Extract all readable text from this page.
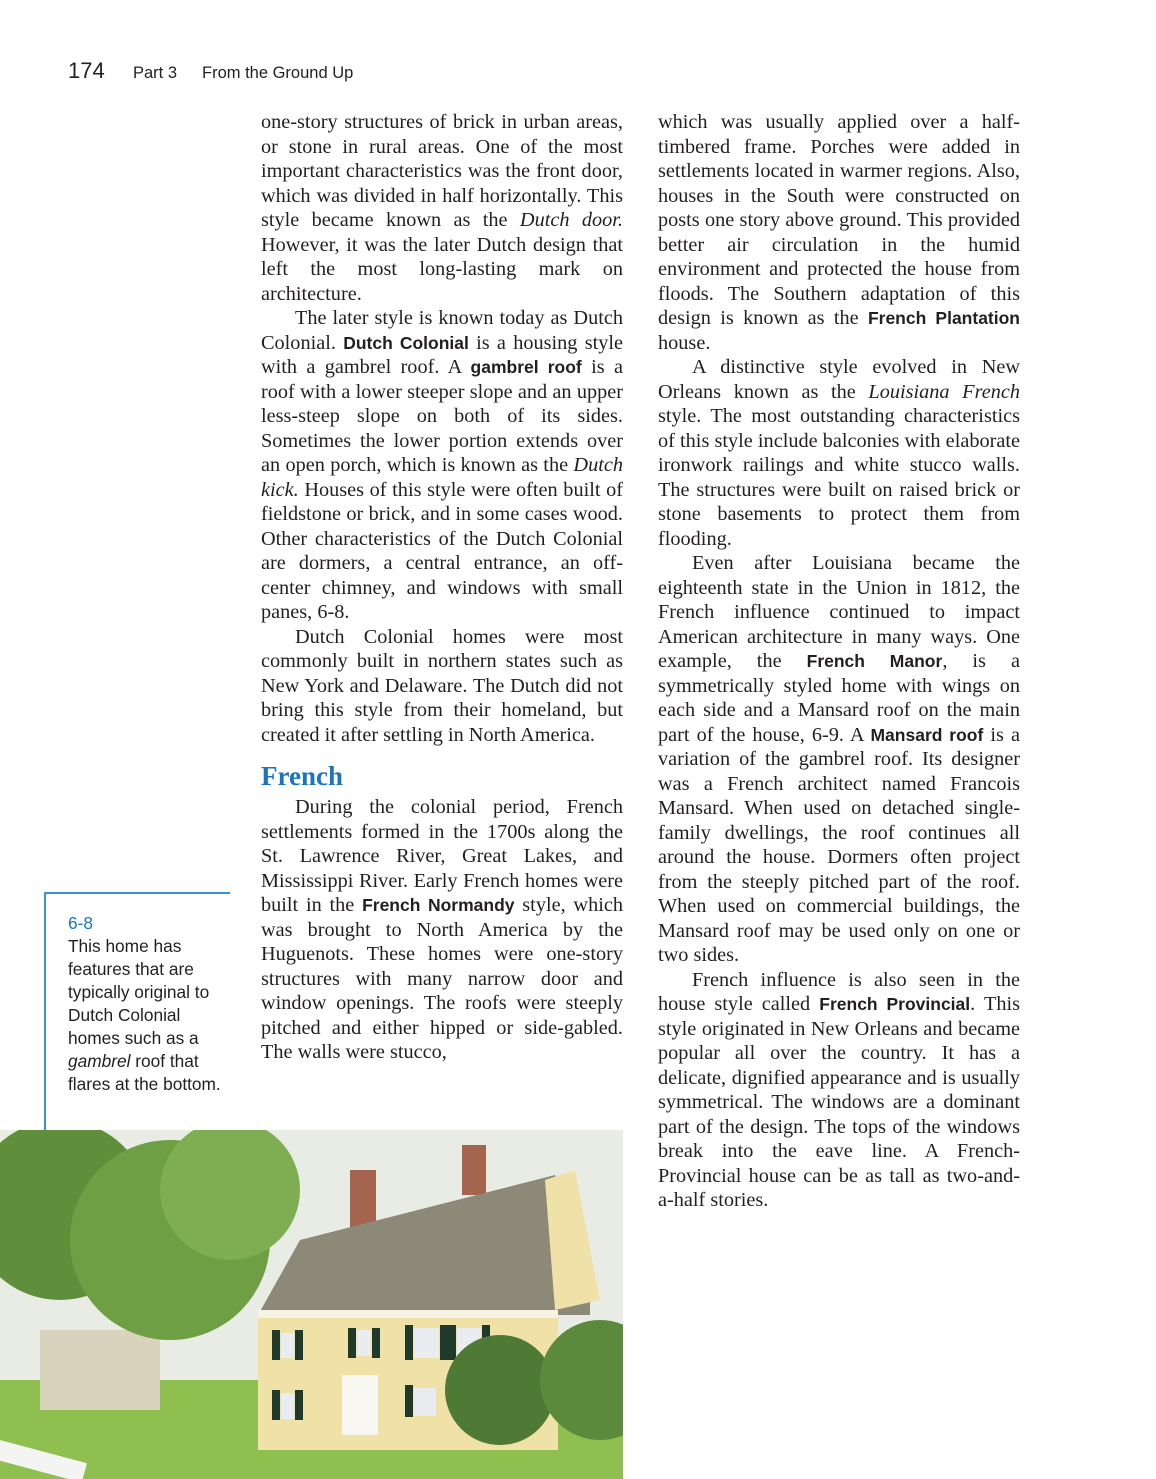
174 Part 3 From the Ground Up

one-story structures of brick in urban areas, or stone in rural areas. One of the most important characteristics was the front door, which was divided in half horizontally. This style became known as the Dutch door. However, it was the later Dutch design that left the most long-lasting mark on architecture.

The later style is known today as Dutch Colonial. Dutch Colonial is a housing style with a gambrel roof. A gambrel roof is a roof with a lower steeper slope and an upper less-steep slope on both of its sides. Sometimes the lower portion extends over an open porch, which is known as the Dutch kick. Houses of this style were often built of fieldstone or brick, and in some cases wood. Other characteristics of the Dutch Colonial are dormers, a central entrance, an off-center chimney, and windows with small panes, 6-8.

Dutch Colonial homes were most commonly built in northern states such as New York and Delaware. The Dutch did not bring this style from their homeland, but created it after settling in North America.

French

During the colonial period, French settlements formed in the 1700s along the St. Lawrence River, Great Lakes, and Mississippi River. Early French homes were built in the French Normandy style, which was brought to North America by the Huguenots. These homes were one-story structures with many narrow door and window openings. The roofs were steeply pitched and either hipped or side-gabled. The walls were stucco,

which was usually applied over a half-timbered frame. Porches were added in settlements located in warmer regions. Also, houses in the South were constructed on posts one story above ground. This provided better air circulation in the humid environment and protected the house from floods. The Southern adaptation of this design is known as the French Plantation house.

A distinctive style evolved in New Orleans known as the Louisiana French style. The most outstanding characteristics of this style include balconies with elaborate ironwork railings and white stucco walls. The structures were built on raised brick or stone basements to protect them from flooding.

Even after Louisiana became the eighteenth state in the Union in 1812, the French influence continued to impact American architecture in many ways. One example, the French Manor, is a symmetrically styled home with wings on each side and a Mansard roof on the main part of the house, 6-9. A Mansard roof is a variation of the gambrel roof. Its designer was a French architect named Francois Mansard. When used on detached single-family dwellings, the roof continues all around the house. Dormers often project from the steeply pitched part of the roof. When used on commercial buildings, the Mansard roof may be used only on one or two sides.

French influence is also seen in the house style called French Provincial. This style originated in New Orleans and became popular all over the country. It has a delicate, dignified appearance and is usually symmetrical. The windows are a dominant part of the design. The tops of the windows break into the eave line. A French-Provincial house can be as tall as two-and-a-half stories.

6-8
This home has features that are typically original to Dutch Colonial homes such as a gambrel roof that flares at the bottom.
